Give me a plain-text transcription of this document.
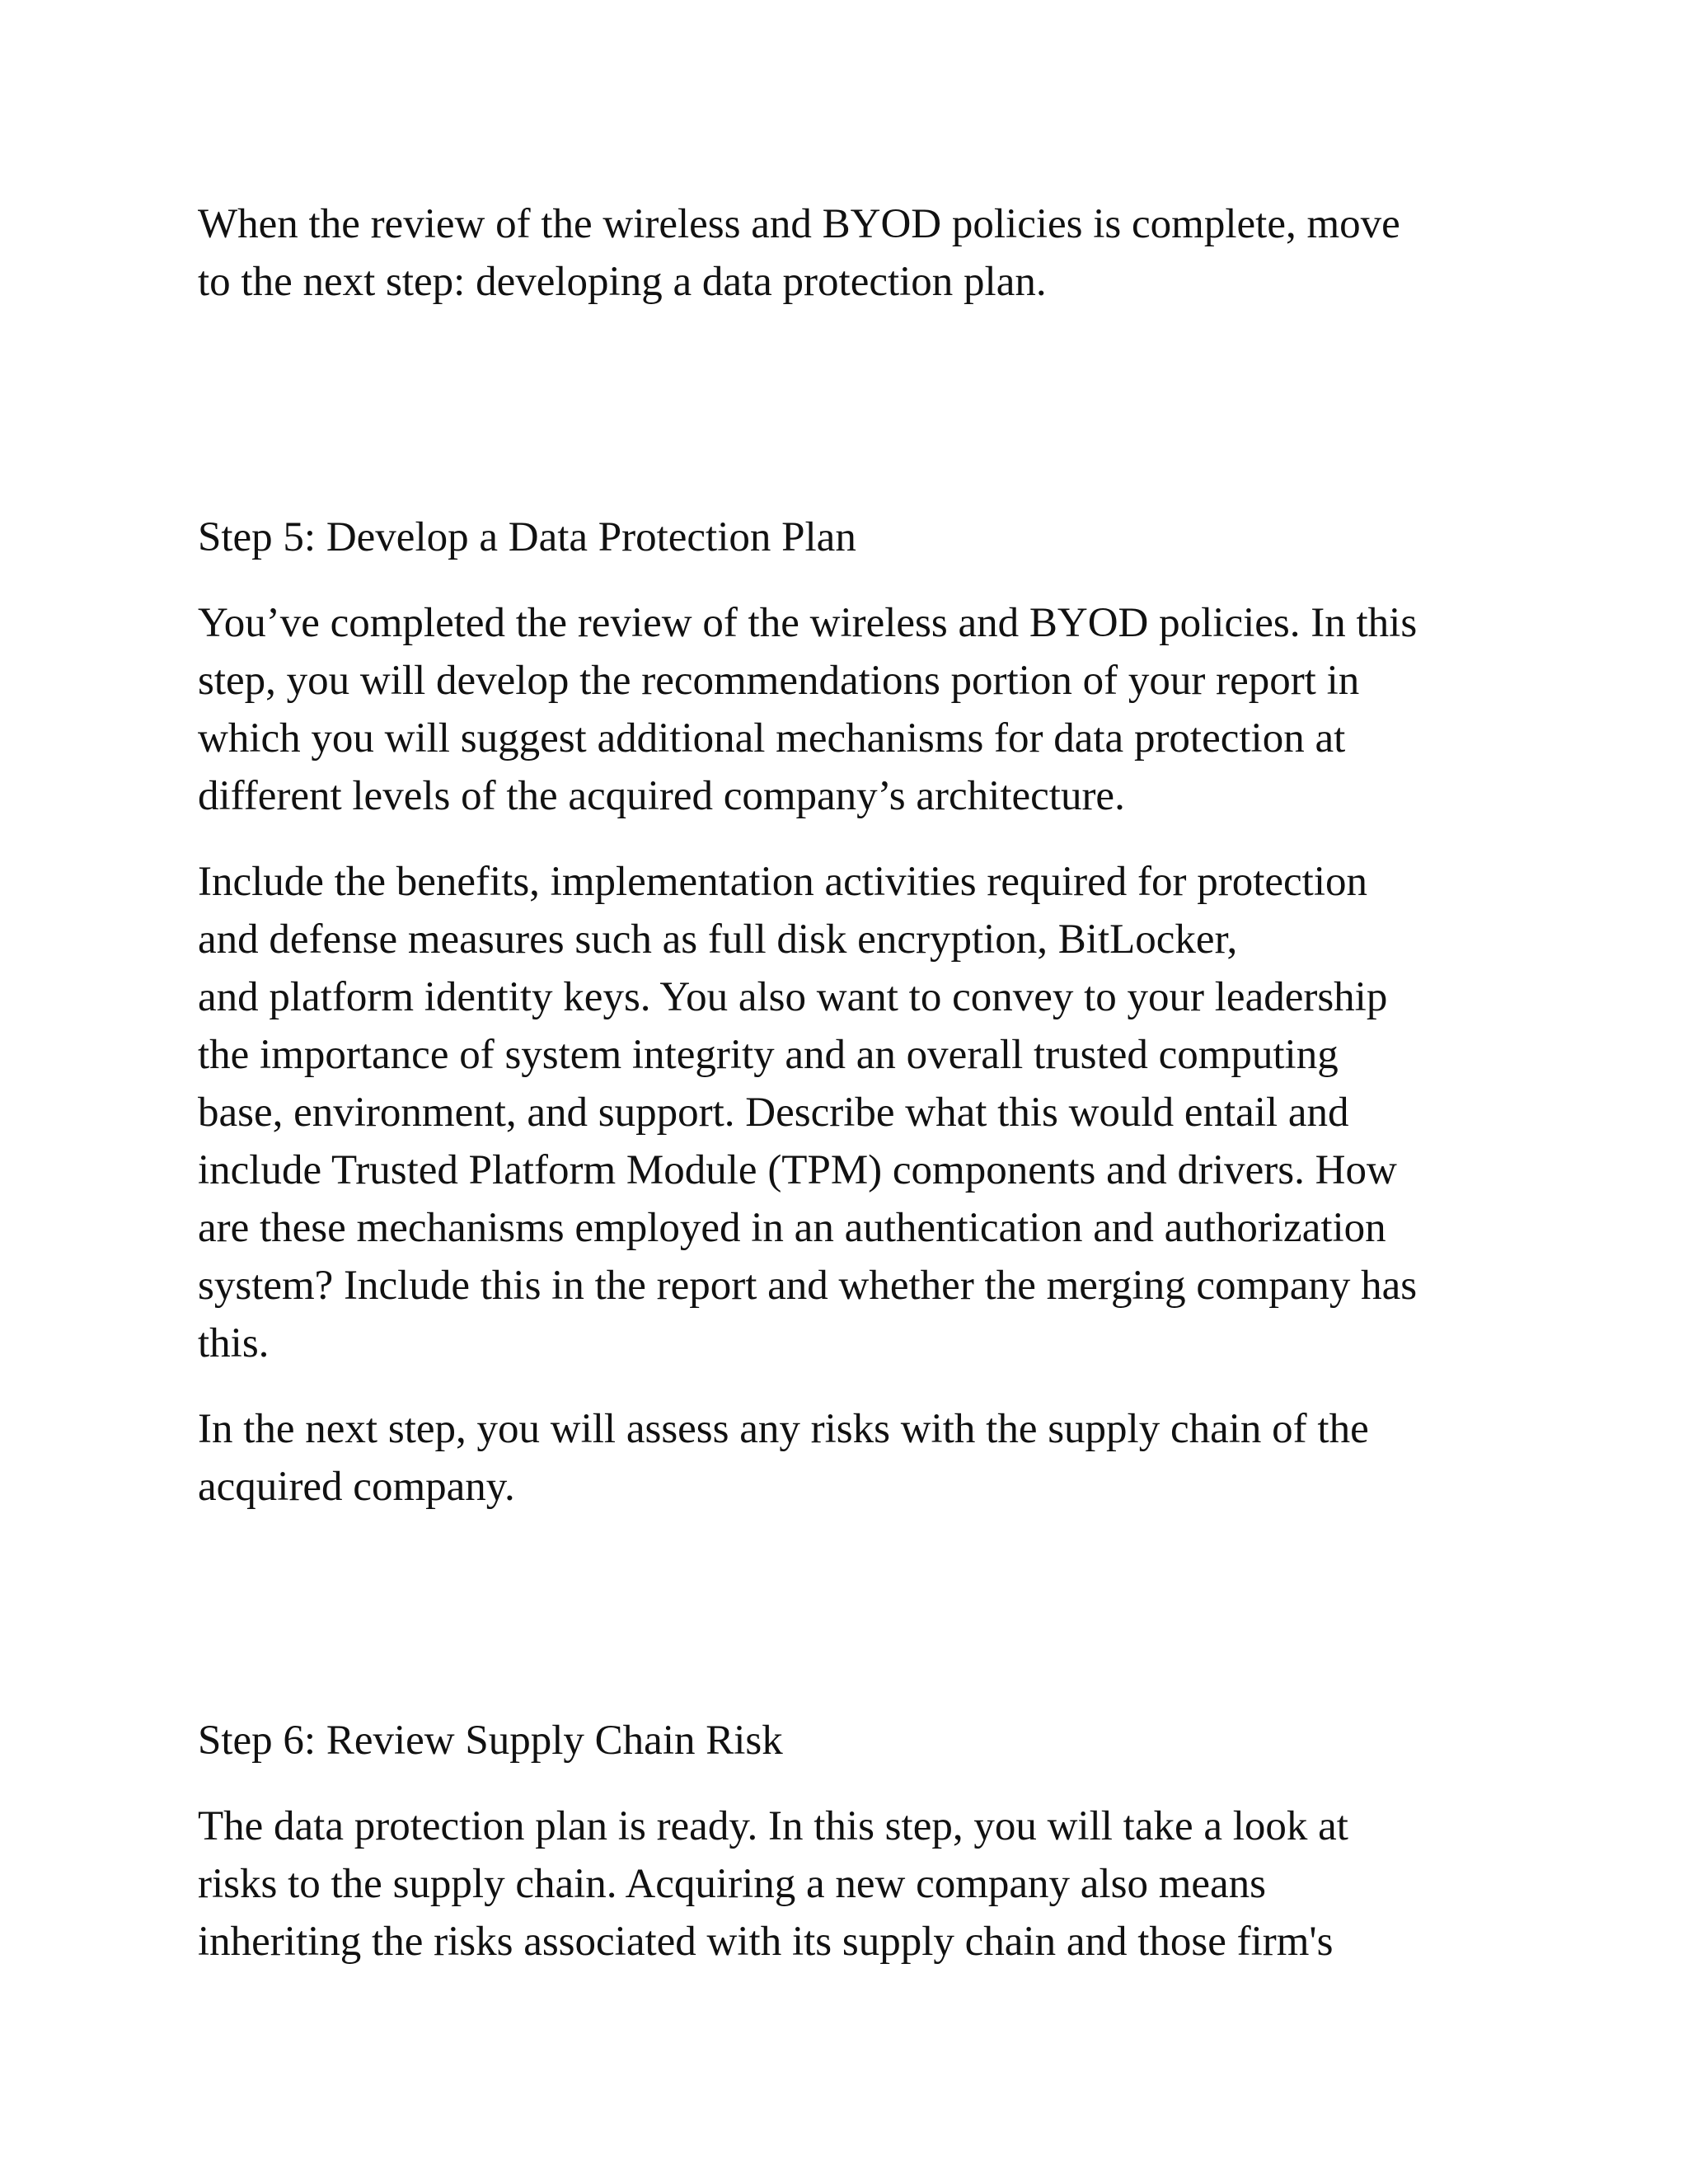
When the review of the wireless and BYOD policies is complete, move
to the next step: developing a data protection plan.
Step 5: Develop a Data Protection Plan
You’ve completed the review of the wireless and BYOD policies. In this
step, you will develop the recommendations portion of your report in
which you will suggest additional mechanisms for data protection at
different levels of the acquired company’s architecture.
Include the benefits, implementation activities required for protection
and defense measures such as full disk encryption, BitLocker,
and platform identity keys. You also want to convey to your leadership
the importance of system integrity and an overall trusted computing
base, environment, and support. Describe what this would entail and
include Trusted Platform Module (TPM) components and drivers. How
are these mechanisms employed in an authentication and authorization
system? Include this in the report and whether the merging company has
this.
In the next step, you will assess any risks with the supply chain of the
acquired company.
Step 6: Review Supply Chain Risk
The data protection plan is ready. In this step, you will take a look at
risks to the supply chain. Acquiring a new company also means
inheriting the risks associated with its supply chain and those firm's
